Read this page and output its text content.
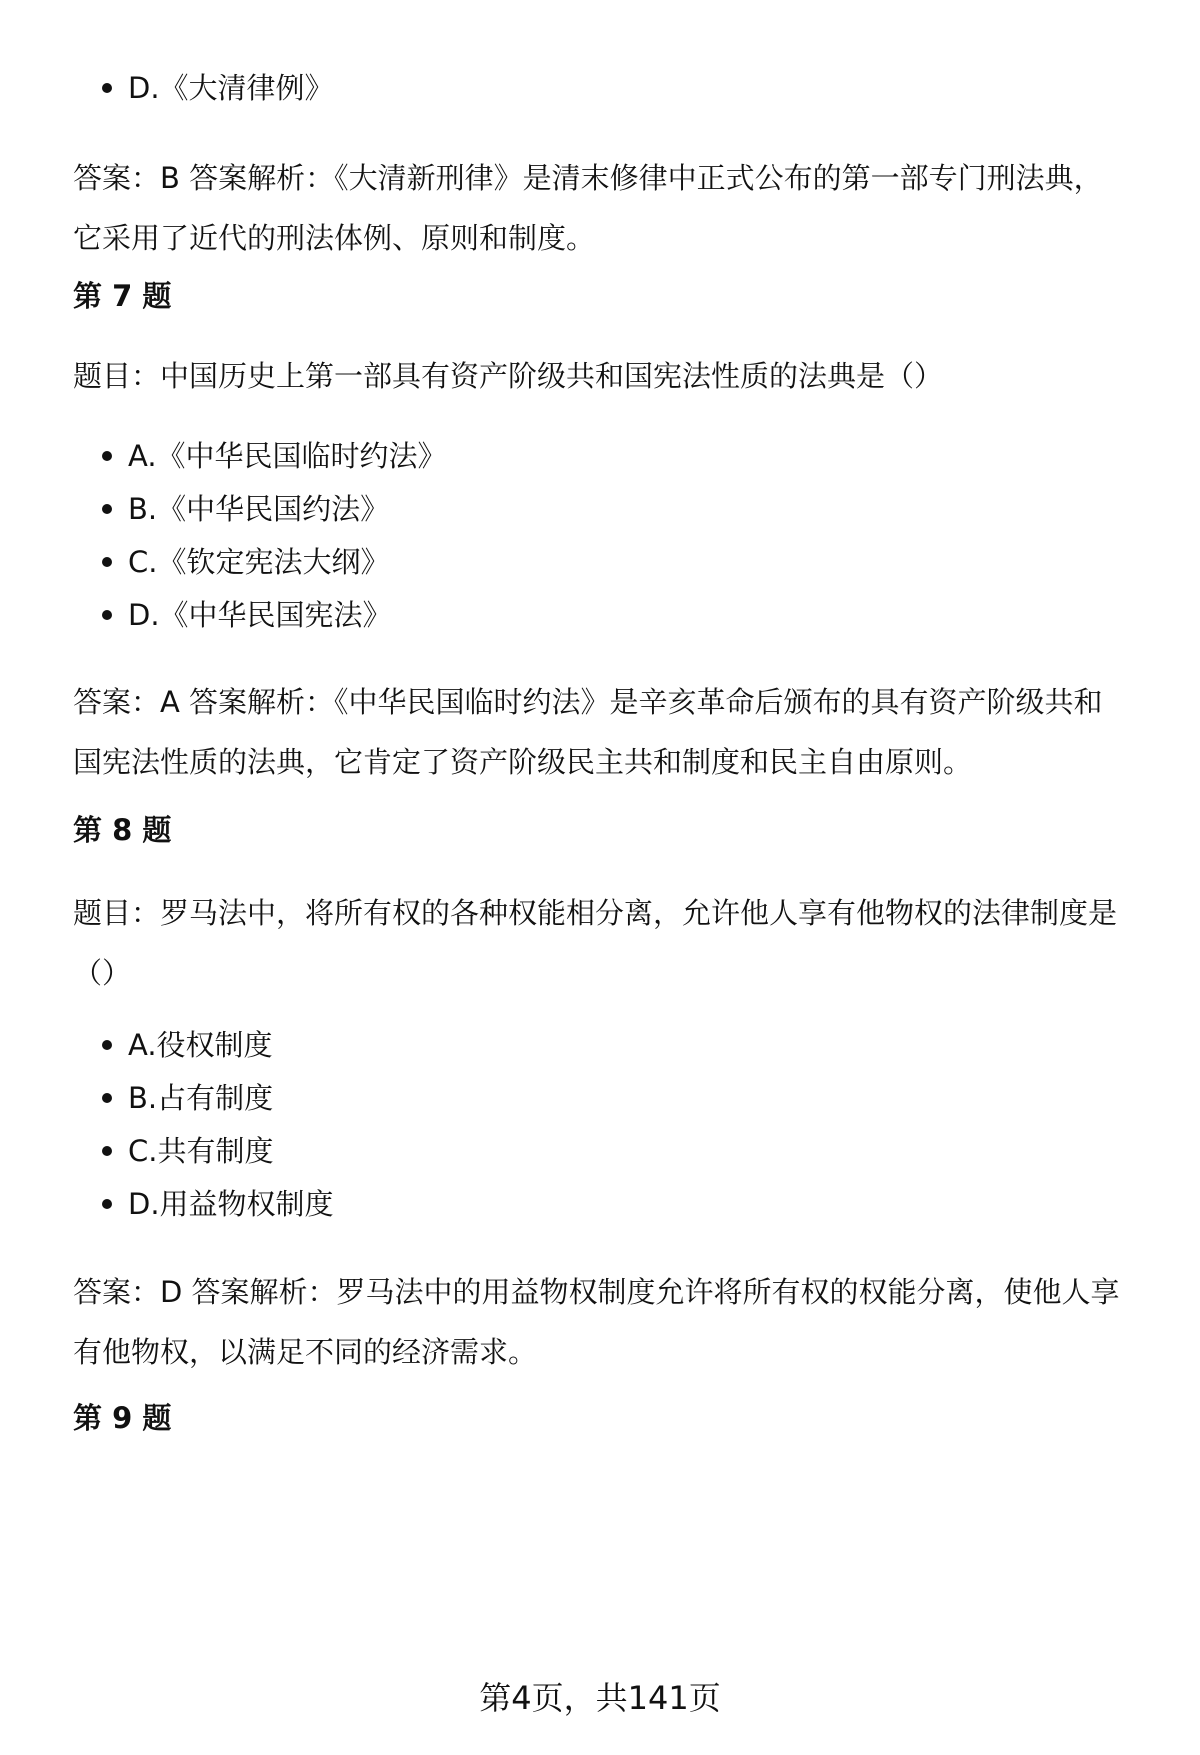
D.《大清律例》
答案：B 答案解析：《大清新刑律》是清末修律中正式公布的第一部专门刑法典，
它采用了近代的刑法体例、原则和制度。
第 7 题
题目：中国历史上第一部具有资产阶级共和国宪法性质的法典是（）
A.《中华民国临时约法》
B.《中华民国约法》
C.《钦定宪法大纲》
D.《中华民国宪法》
答案：A 答案解析：《中华民国临时约法》是辛亥革命后颁布的具有资产阶级共和
国宪法性质的法典，它肯定了资产阶级民主共和制度和民主自由原则。
第 8 题
题目：罗马法中，将所有权的各种权能相分离，允许他人享有他物权的法律制度是
（）
A.役权制度
B.占有制度
C.共有制度
D.用益物权制度
答案：D 答案解析：罗马法中的用益物权制度允许将所有权的权能分离，使他人享
有他物权，以满足不同的经济需求。
第 9 题
第4页，共141页
